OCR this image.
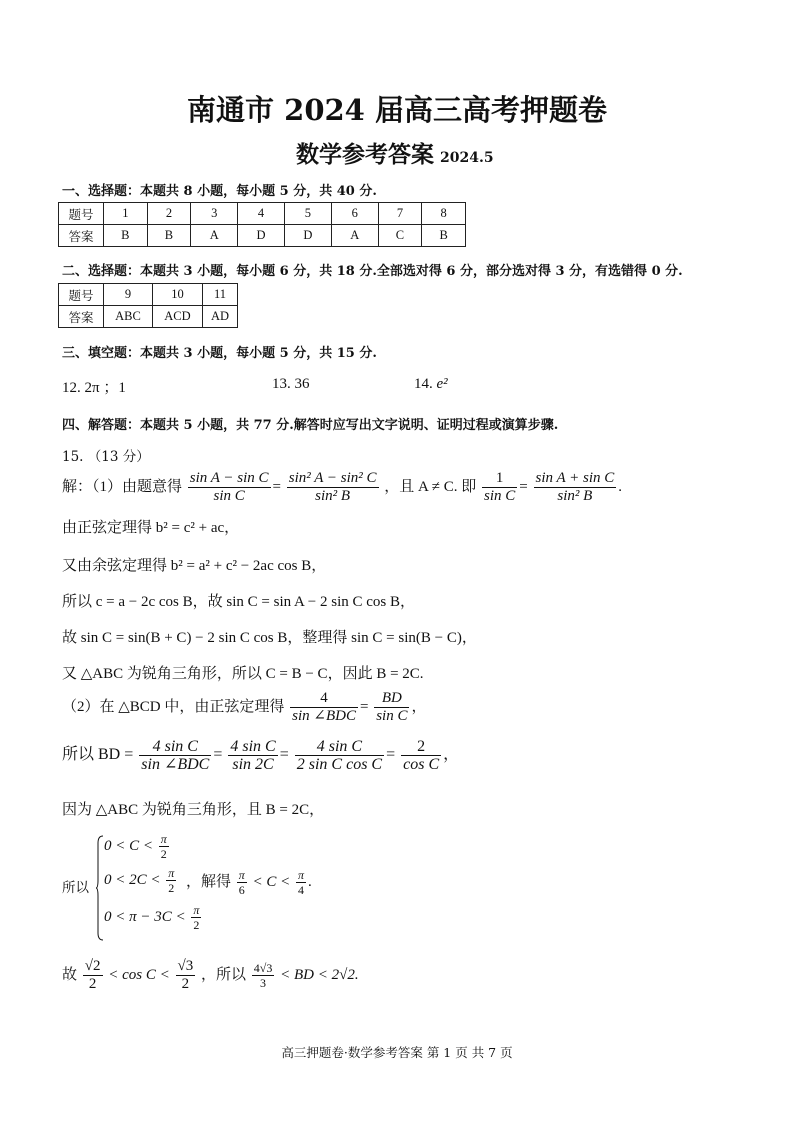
南通市 2024 届高三高考押题卷
数学参考答案 2024.5
一、选择题：本题共 8 小题，每小题 5 分，共 40 分.
题号	1	2	3	4	5	6	7	8
答案	B	B	A	D	D	A	C	B
二、选择题：本题共 3 小题，每小题 6 分，共 18 分.全部选对得 6 分，部分选对得 3 分，有选错得 0 分.
题号	9	10	11
答案	ABC	ACD	AD
三、填空题：本题共 3 小题，每小题 5 分，共 15 分.
12. 2π ；1	13. 36	14. e²
四、解答题：本题共 5 小题，共 77 分.解答时应写出文字说明、证明过程或演算步骤.
15. （13 分）
解：（1）由题意得 $\frac{\text{sin A − sin C}}{\text{sin C}} = \frac{\text{sin² A − sin² C}}{\text{sin² B}}$ ，且 A ≠ C. 即 $\frac{1}{\text{sin C}} = \frac{\text{sin A + sin C}}{\text{sin² B}}$ .
由正弦定理得 b² = c² + ac，
又由余弦定理得 b² = a² + c² − 2ac cos B，
所以 c = a − 2c cos B，故 sin C = sin A − 2 sin C cos B，
故 sin C = sin(B + C) − 2 sin C cos B，整理得 sin C = sin(B − C)，
又 △ABC 为锐角三角形，所以 C = B − C，因此 B = 2C.
（2）在 △BCD 中，由正弦定理得 $\frac{4}{\text{sin ∠BDC}} = \frac{BD}{\text{sin C}}$ ，
所以 BD = $\frac{\text{4 sin C}}{\text{sin ∠BDC}} = \frac{\text{4 sin C}}{\sin 2C} = \frac{\text{4 sin C}}{\text{2 sin C cos C}} = \frac{2}{\text{cos C}}$ ，
因为 △ABC 为锐角三角形，且 B = 2C，
所以
$0 < C < \frac{\pi}{2}$
$0 < 2C < \frac{\pi}{2}$
$0 < \pi - 3C < \frac{\pi}{2}$
，解得 $\frac{\pi}{6} < C < \frac{\pi}{4}$ .
故 $\frac{√2}{2} < \cos C < \frac{√3}{2}$ ，所以 $\frac{4√3}{3}$ < BD < 2√2.
高三押题卷·数学参考答案 第 1 页 共 7 页
